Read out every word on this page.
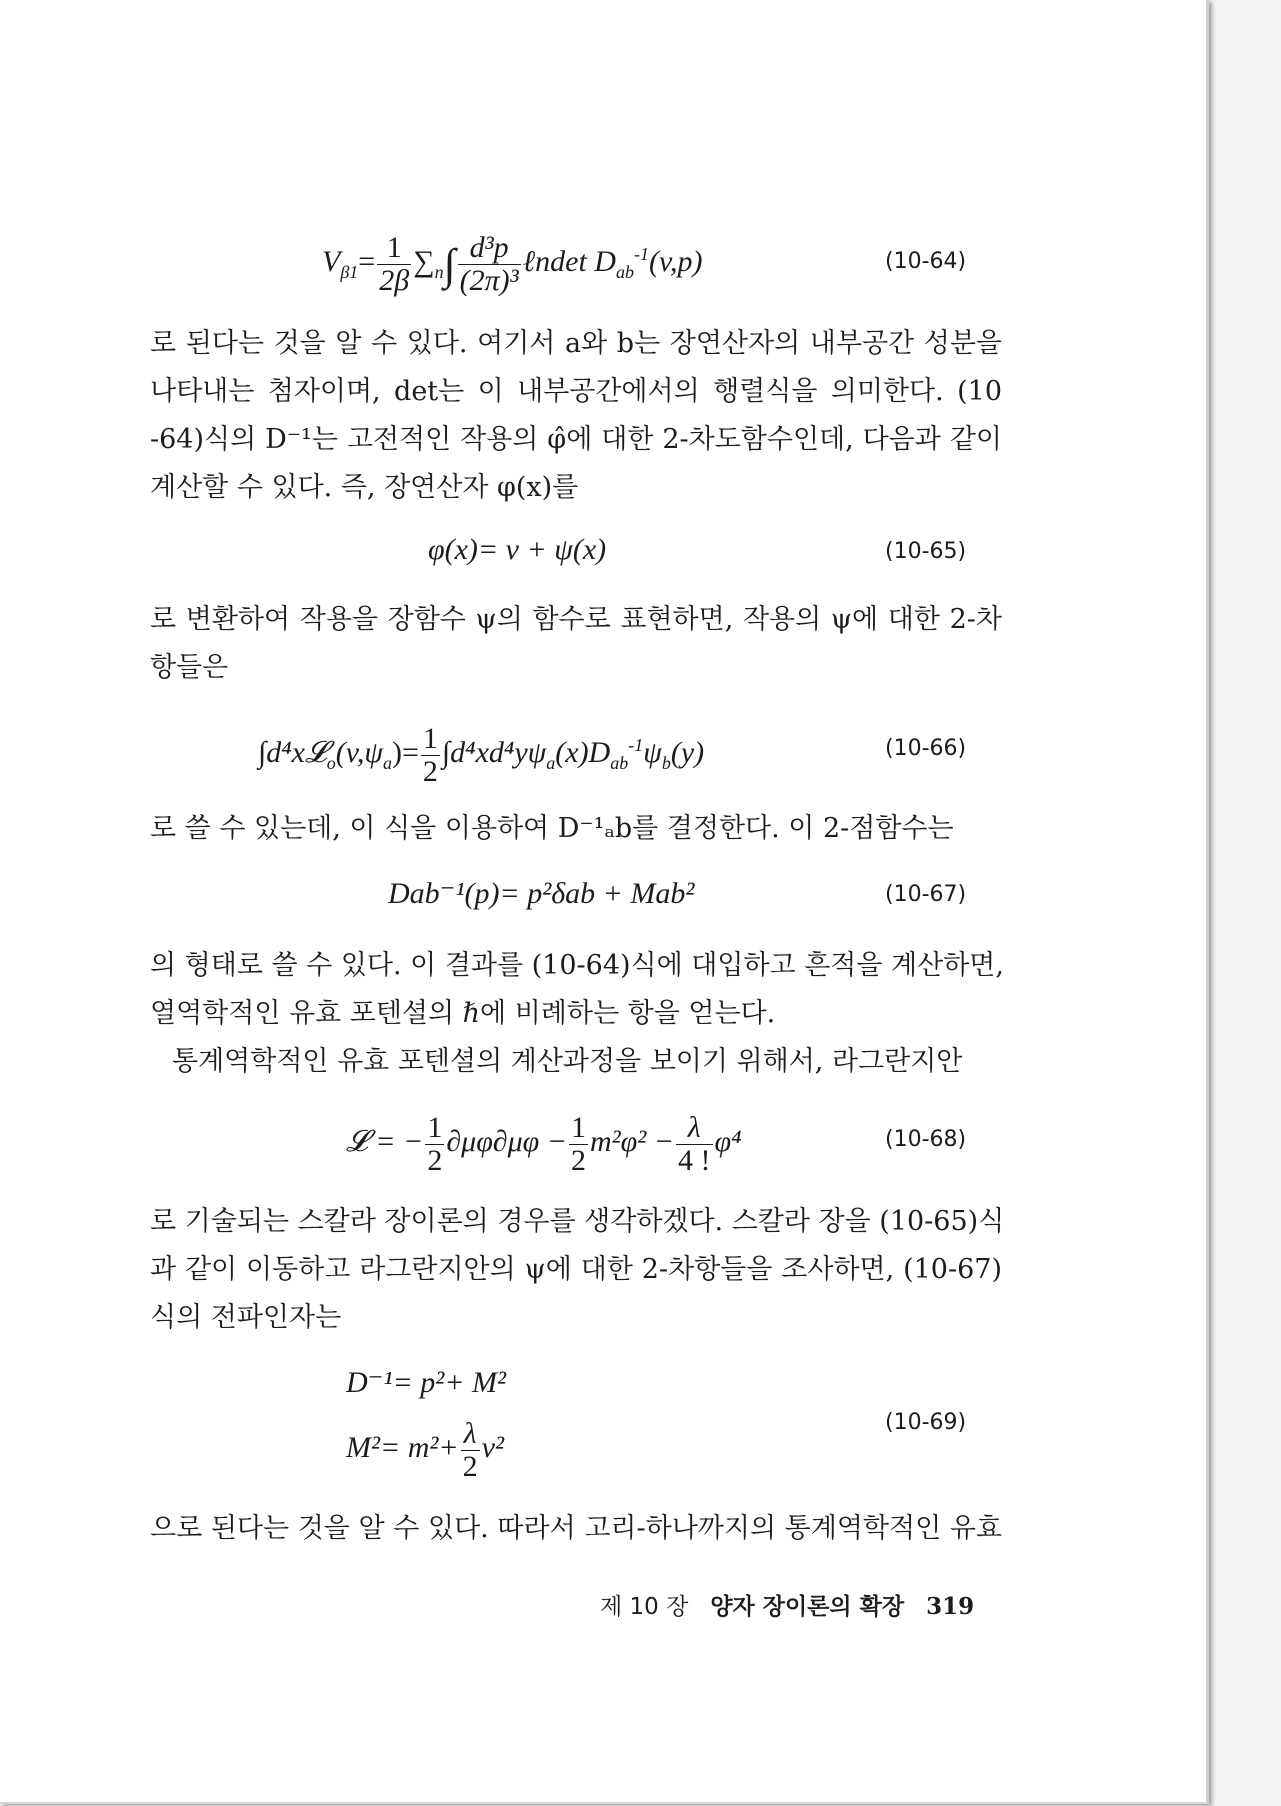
$V_{\beta 1}= \frac{1}{2\beta} \sum_n\int \frac{\text{d³p}}{\text{(2π)³}}$ ℓndet $D_{ab}^{-1}(v,p)$	(10-64)
로 된다는 것을 알 수 있다. 여기서 a와 b는 장연산자의 내부공간 성분을
나타내는 첨자이며, det는 이 내부공간에서의 행렬식을 의미한다. (10
-64)식의 D⁻¹는 고전적인 작용의 φ̂에 대한 2-차도함수인데, 다음과 같이
계산할 수 있다. 즉, 장연산자 φ(x)를
φ(x)= v + ψ(x)	(10-65)
로 변환하여 작용을 장함수 ψ의 함수로 표현하면, 작용의 ψ에 대한 2-차
항들은
$\int d^4x𝓛_o(v,\psi_a)= \frac{1}{2} \int d^4xd^4y\psi_a(x)D_{ab}^{-1}\psi_b(y)$	(10-66)
로 쓸 수 있는데, 이 식을 이용하여 D⁻¹ₐb를 결정한다. 이 2-점함수는
Dab⁻¹(p)= p²δab + Mab²	(10-67)
의 형태로 쓸 수 있다. 이 결과를 (10-64)식에 대입하고 흔적을 계산하면,
열역학적인 유효 포텐셜의 ℏ에 비례하는 항을 얻는다.
통계역학적인 유효 포텐셜의 계산과정을 보이기 위해서, 라그란지안
𝓛 = − $\frac{1}{2} \partial\mu\varphi\partial\mu\varphi - \frac{1}{2} m^2\varphi^2 - \frac{\lambda}{4 !} \varphi^4$	(10-68)
로 기술되는 스칼라 장이론의 경우를 생각하겠다. 스칼라 장을 (10-65)식
과 같이 이동하고 라그란지안의 ψ에 대한 2-차항들을 조사하면, (10-67)
식의 전파인자는
D⁻¹= p²+ M²
$M^2= m^2+ \frac{\lambda}{2} v^2$
(10-69)
으로 된다는 것을 알 수 있다. 따라서 고리-하나까지의 통계역학적인 유효
제 10 장 양자 장이론의 확장 319
